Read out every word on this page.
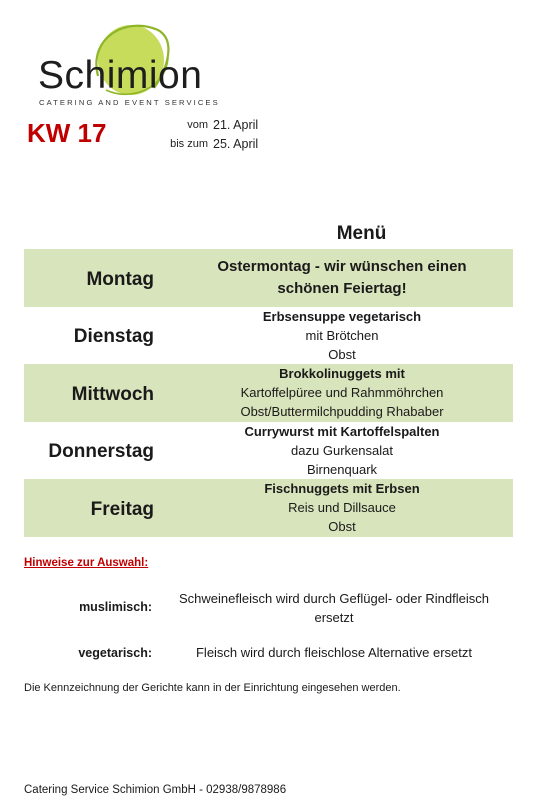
Schimion
CATERING AND EVENT SERVICES
KW 17	vom 21. April
bis zum 25. April
Menü
Montag
Ostermontag - wir wünschen einen
schönen Feiertag!
Dienstag
Erbsensuppe vegetarisch
mit Brötchen
Obst
Mittwoch
Brokkolinuggets mit
Kartoffelpüree und Rahmmöhrchen
Obst/Buttermilchpudding Rhababer
Donnerstag
Currywurst mit Kartoffelspalten
dazu Gurkensalat
Birnenquark
Freitag
Fischnuggets mit Erbsen
Reis und Dillsauce
Obst
Hinweise zur Auswahl:
muslimisch:
Schweinefleisch wird durch Geflügel- oder Rindfleisch ersetzt
vegetarisch:	Fleisch wird durch fleischlose Alternative ersetzt
Die Kennzeichnung der Gerichte kann in der Einrichtung eingesehen werden.
Catering Service Schimion GmbH - 02938/9878986
